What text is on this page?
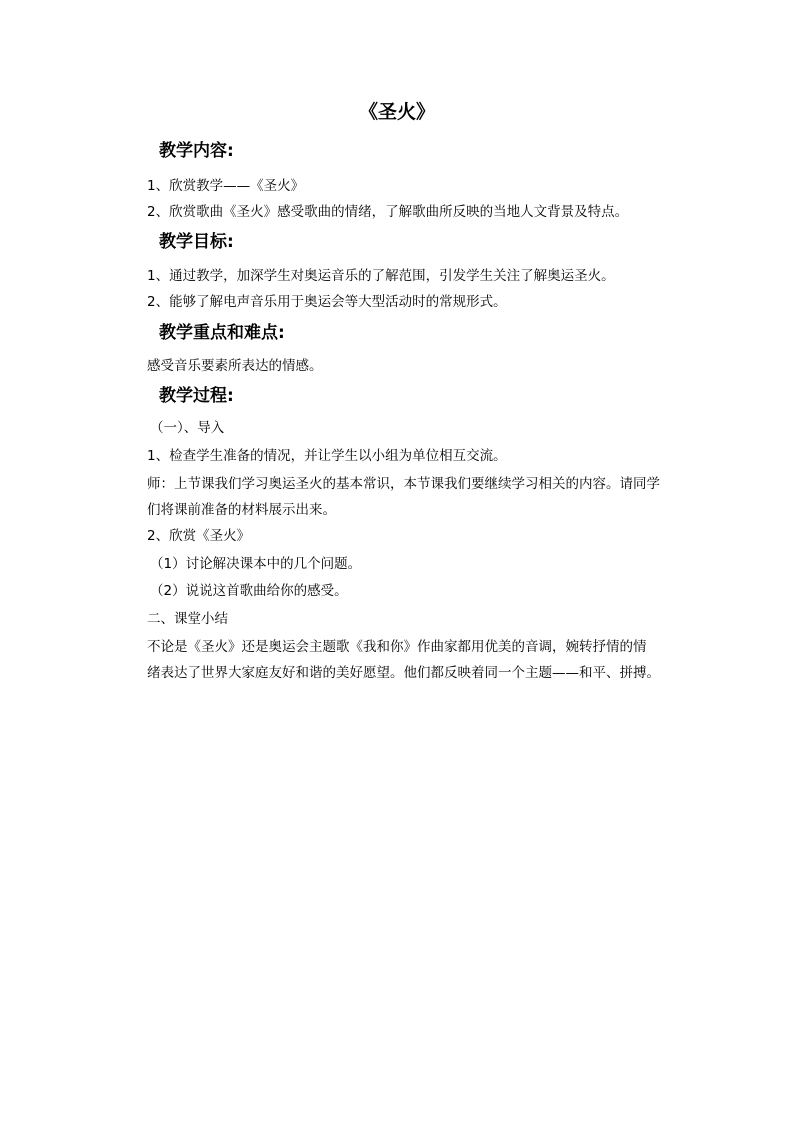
《圣火》
教学内容:
1、欣赏教学——《圣火》
2、欣赏歌曲《圣火》感受歌曲的情绪，了解歌曲所反映的当地人文背景及特点。
教学目标:
1、通过教学，加深学生对奥运音乐的了解范围，引发学生关注了解奥运圣火。
2、能够了解电声音乐用于奥运会等大型活动时的常规形式。
教学重点和难点:
感受音乐要素所表达的情感。
教学过程:
（一）、导入
1、检查学生准备的情况，并让学生以小组为单位相互交流。
师：上节课我们学习奥运圣火的基本常识，本节课我们要继续学习相关的内容。请同学
们将课前准备的材料展示出来。
2、欣赏《圣火》
（1）讨论解决课本中的几个问题。
（2）说说这首歌曲给你的感受。
二、课堂小结
不论是《圣火》还是奥运会主题歌《我和你》作曲家都用优美的音调，婉转抒情的情
绪表达了世界大家庭友好和谐的美好愿望。他们都反映着同一个主题——和平、拼搏。
